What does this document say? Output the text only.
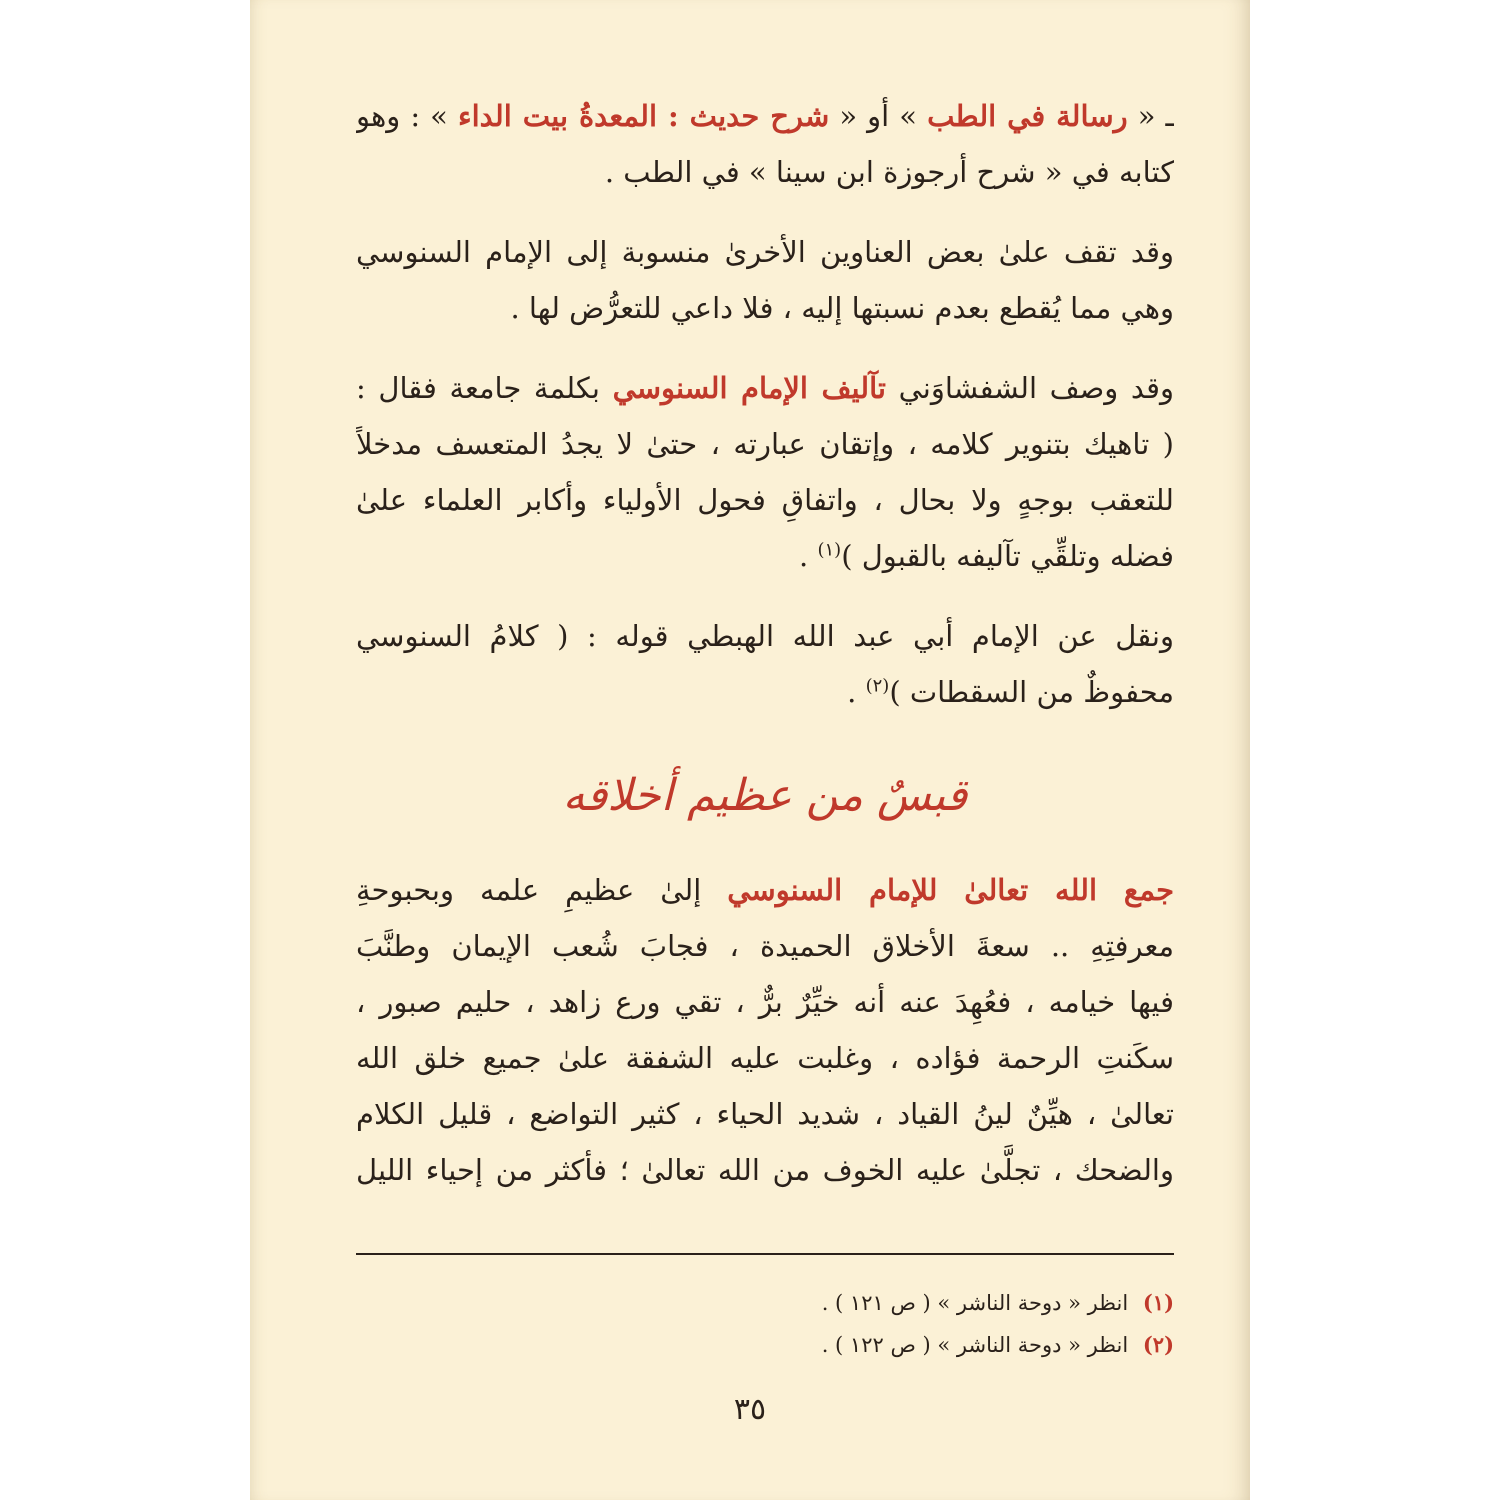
ـ « رسالة في الطب » أو « شرح حديث : المعدةُ بيت الداء » : وهو
كتابه في « شرح أرجوزة ابن سينا » في الطب .
وقد تقف علىٰ بعض العناوين الأخرىٰ منسوبة إلى الإمام السنوسي
وهي مما يُقطع بعدم نسبتها إليه ، فلا داعي للتعرُّض لها .
وقد وصف الشفشاوَني تآليف الإمام السنوسي بكلمة جامعة فقال :
( تاهيك بتنوير كلامه ، وإتقان عبارته ، حتىٰ لا يجدُ المتعسف مدخلاً
للتعقب بوجهٍ ولا بحال ، واتفاقِ فحول الأولياء وأكابر العلماء علىٰ
فضله وتلقِّي تآليفه بالقبول )$^{(١)}$ .
ونقل عن الإمام أبي عبد الله الهبطي قوله : ( كلامُ السنوسي
محفوظٌ من السقطات )$^{(٢)}$ .
قبسٌ من عظيم أخلاقه
جمع الله تعالىٰ للإمام السنوسي إلىٰ عظيمِ علمه وبحبوحةِ
معرفتِهِ .. سعةَ الأخلاق الحميدة ، فجابَ شُعب الإيمان وطنَّبَ
فيها خيامه ، فعُهِدَ عنه أنه خيِّرٌ برٌّ ، تقي ورع زاهد ، حليم صبور ،
سكَنتِ الرحمة فؤاده ، وغلبت عليه الشفقة علىٰ جميع خلق الله
تعالىٰ ، هيِّنٌ لينُ القياد ، شديد الحياء ، كثير التواضع ، قليل الكلام
والضحك ، تجلَّىٰ عليه الخوف من الله تعالىٰ ؛ فأكثر من إحياء الليل
(١) انظر « دوحة الناشر » ( ص ١٢١ ) .
(٢) انظر « دوحة الناشر » ( ص ١٢٢ ) .
٣٥
